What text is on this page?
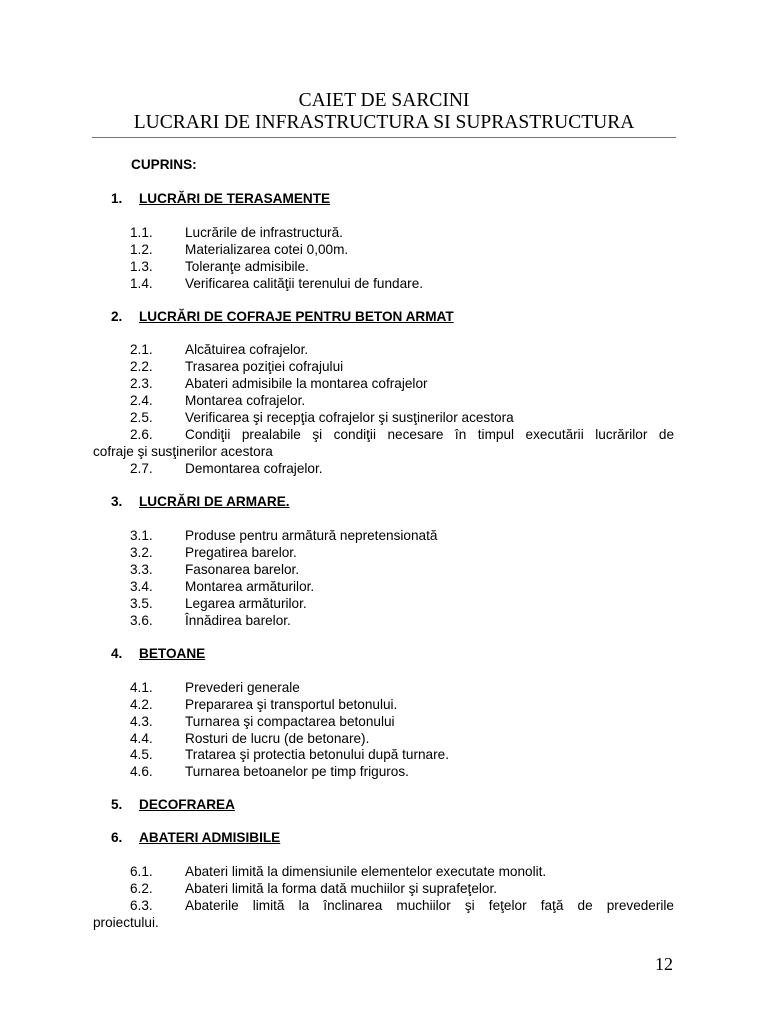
CAIET DE SARCINI
LUCRARI DE INFRASTRUCTURA SI SUPRASTRUCTURA
CUPRINS:
1. LUCRĂRI DE TERASAMENTE
1.1. Lucrările de infrastructură.
1.2. Materializarea cotei 0,00m.
1.3. Toleranţe admisibile.
1.4. Verificarea calităţii terenului de fundare.
2. LUCRĂRI DE COFRAJE PENTRU BETON ARMAT
2.1. Alcătuirea cofrajelor.
2.2. Trasarea poziţiei cofrajului
2.3. Abateri admisibile la montarea cofrajelor
2.4. Montarea cofrajelor.
2.5. Verificarea şi recepţia cofrajelor şi susţinerilor acestora
2.6. Condiţii prealabile şi condiţii necesare în timpul executării lucrărilor de
cofraje şi susţinerilor acestora
2.7. Demontarea cofrajelor.
3. LUCRĂRI DE ARMARE.
3.1. Produse pentru armătură nepretensionată
3.2. Pregatirea barelor.
3.3. Fasonarea barelor.
3.4. Montarea armăturilor.
3.5. Legarea armăturilor.
3.6. Înnădirea barelor.
4. BETOANE
4.1. Prevederi generale
4.2. Prepararea şi transportul betonului.
4.3. Turnarea şi compactarea betonului
4.4. Rosturi de lucru (de betonare).
4.5. Tratarea şi protectia betonului după turnare.
4.6. Turnarea betoanelor pe timp friguros.
5. DECOFRAREA
6. ABATERI ADMISIBILE
6.1. Abateri limită la dimensiunile elementelor executate monolit.
6.2. Abateri limită la forma dată muchiilor şi suprafeţelor.
6.3. Abaterile limită la înclinarea muchiilor şi feţelor faţă de prevederile
proiectului.
12
